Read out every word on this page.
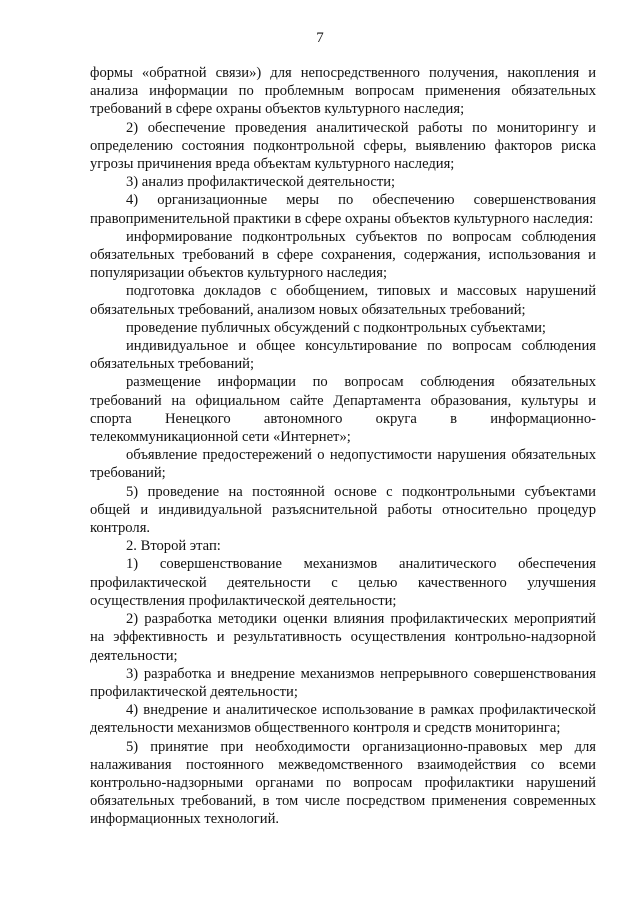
7

формы «обратной связи») для непосредственного получения, накопления и анализа информации по проблемным вопросам применения обязательных требований в сфере охраны объектов культурного наследия;

2) обеспечение проведения аналитической работы по мониторингу и определению состояния подконтрольной сферы, выявлению факторов риска угрозы причинения вреда объектам культурного наследия;

3) анализ профилактической деятельности;

4) организационные меры по обеспечению совершенствования правоприменительной практики в сфере охраны объектов культурного наследия:

информирование подконтрольных субъектов по вопросам соблюдения обязательных требований в сфере сохранения, содержания, использования и популяризации объектов культурного наследия;

подготовка докладов с обобщением, типовых и массовых нарушений обязательных требований, анализом новых обязательных требований;

проведение публичных обсуждений с подконтрольных субъектами;

индивидуальное и общее консультирование по вопросам соблюдения обязательных требований;

размещение информации по вопросам соблюдения обязательных требований на официальном сайте Департамента образования, культуры и спорта Ненецкого автономного округа в информационно-телекоммуникационной сети «Интернет»;

объявление предостережений о недопустимости нарушения обязательных требований;

5) проведение на постоянной основе с подконтрольными субъектами общей и индивидуальной разъяснительной работы относительно процедур контроля.

2. Второй этап:

1) совершенствование механизмов аналитического обеспечения профилактической деятельности с целью качественного улучшения осуществления профилактической деятельности;

2) разработка методики оценки влияния профилактических мероприятий на эффективность и результативность осуществления контрольно-надзорной деятельности;

3) разработка и внедрение механизмов непрерывного совершенствования профилактической деятельности;

4) внедрение и аналитическое использование в рамках профилактической деятельности механизмов общественного контроля и средств мониторинга;

5) принятие при необходимости организационно-правовых мер для налаживания постоянного межведомственного взаимодействия со всеми контрольно-надзорными органами по вопросам профилактики нарушений обязательных требований, в том числе посредством применения современных информационных технологий.
